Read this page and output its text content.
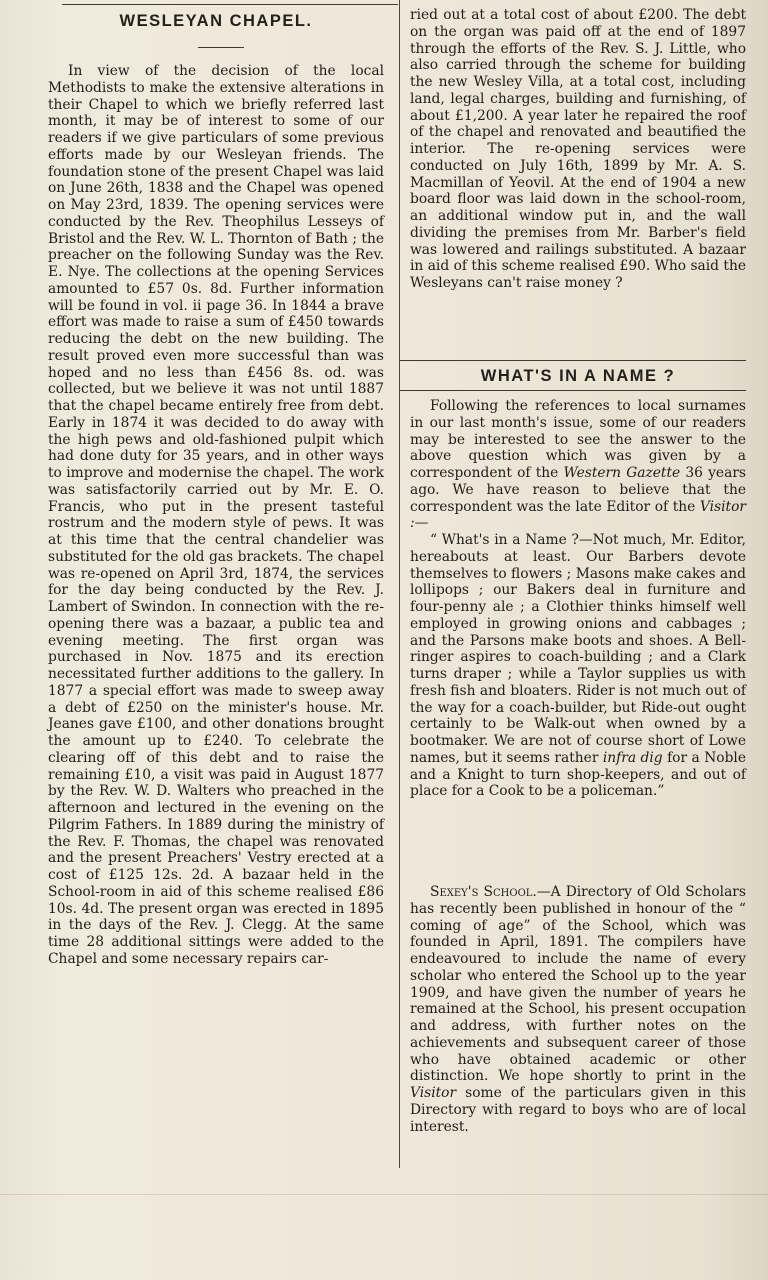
WESLEYAN CHAPEL.

In view of the decision of the local Methodists to make the extensive alterations in their Chapel to which we briefly referred last month, it may be of interest to some of our readers if we give particulars of some previous efforts made by our Wesleyan friends. The foundation stone of the present Chapel was laid on June 26th, 1838 and the Chapel was opened on May 23rd, 1839. The opening services were conducted by the Rev. Theophilus Lesseys of Bristol and the Rev. W. L. Thornton of Bath ; the preacher on the following Sunday was the Rev. E. Nye. The collections at the opening Services amounted to £57 0s. 8d. Further information will be found in vol. ii page 36. In 1844 a brave effort was made to raise a sum of £450 towards reducing the debt on the new building. The result proved even more successful than was hoped and no less than £456 8s. od. was collected, but we believe it was not until 1887 that the chapel became entirely free from debt. Early in 1874 it was decided to do away with the high pews and old-fashioned pulpit which had done duty for 35 years, and in other ways to improve and modernise the chapel. The work was satisfactorily carried out by Mr. E. O. Francis, who put in the present tasteful rostrum and the modern style of pews. It was at this time that the central chandelier was substituted for the old gas brackets. The chapel was re-opened on April 3rd, 1874, the services for the day being conducted by the Rev. J. Lambert of Swindon. In connection with the re-opening there was a bazaar, a public tea and evening meeting. The first organ was purchased in Nov. 1875 and its erection necessitated further additions to the gallery. In 1877 a special effort was made to sweep away a debt of £250 on the minister's house. Mr. Jeanes gave £100, and other donations brought the amount up to £240. To celebrate the clearing off of this debt and to raise the remaining £10, a visit was paid in August 1877 by the Rev. W. D. Walters who preached in the afternoon and lectured in the evening on the Pilgrim Fathers. In 1889 during the ministry of the Rev. F. Thomas, the chapel was renovated and the present Preachers' Vestry erected at a cost of £125 12s. 2d. A bazaar held in the School-room in aid of this scheme realised £86 10s. 4d. The present organ was erected in 1895 in the days of the Rev. J. Clegg. At the same time 28 additional sittings were added to the Chapel and some necessary repairs car-

ried out at a total cost of about £200. The debt on the organ was paid off at the end of 1897 through the efforts of the Rev. S. J. Little, who also carried through the scheme for building the new Wesley Villa, at a total cost, including land, legal charges, building and furnishing, of about £1,200. A year later he repaired the roof of the chapel and renovated and beautified the interior. The re-opening services were conducted on July 16th, 1899 by Mr. A. S. Macmillan of Yeovil. At the end of 1904 a new board floor was laid down in the school-room, an additional window put in, and the wall dividing the premises from Mr. Barber's field was lowered and railings substituted. A bazaar in aid of this scheme realised £90. Who said the Wesleyans can't raise money ?

WHAT'S IN A NAME ?

Following the references to local surnames in our last month's issue, some of our readers may be interested to see the answer to the above question which was given by a correspondent of the Western Gazette 36 years ago. We have reason to believe that the correspondent was the late Editor of the Visitor :—

“ What's in a Name ?—Not much, Mr. Editor, hereabouts at least. Our Barbers devote themselves to flowers ; Masons make cakes and lollipops ; our Bakers deal in furniture and four-penny ale ; a Clothier thinks himself well employed in growing onions and cabbages ; and the Parsons make boots and shoes. A Bell-ringer aspires to coach-building ; and a Clark turns draper ; while a Taylor supplies us with fresh fish and bloaters. Rider is not much out of the way for a coach-builder, but Ride-out ought certainly to be Walk-out when owned by a bootmaker. We are not of course short of Lowe names, but it seems rather infra dig for a Noble and a Knight to turn shop-keepers, and out of place for a Cook to be a policeman.”

Sexey's School.—A Directory of Old Scholars has recently been published in honour of the “ coming of age” of the School, which was founded in April, 1891. The compilers have endeavoured to include the name of every scholar who entered the School up to the year 1909, and have given the number of years he remained at the School, his present occupation and address, with further notes on the achievements and subsequent career of those who have obtained academic or other distinction. We hope shortly to print in the Visitor some of the particulars given in this Directory with regard to boys who are of local interest.
